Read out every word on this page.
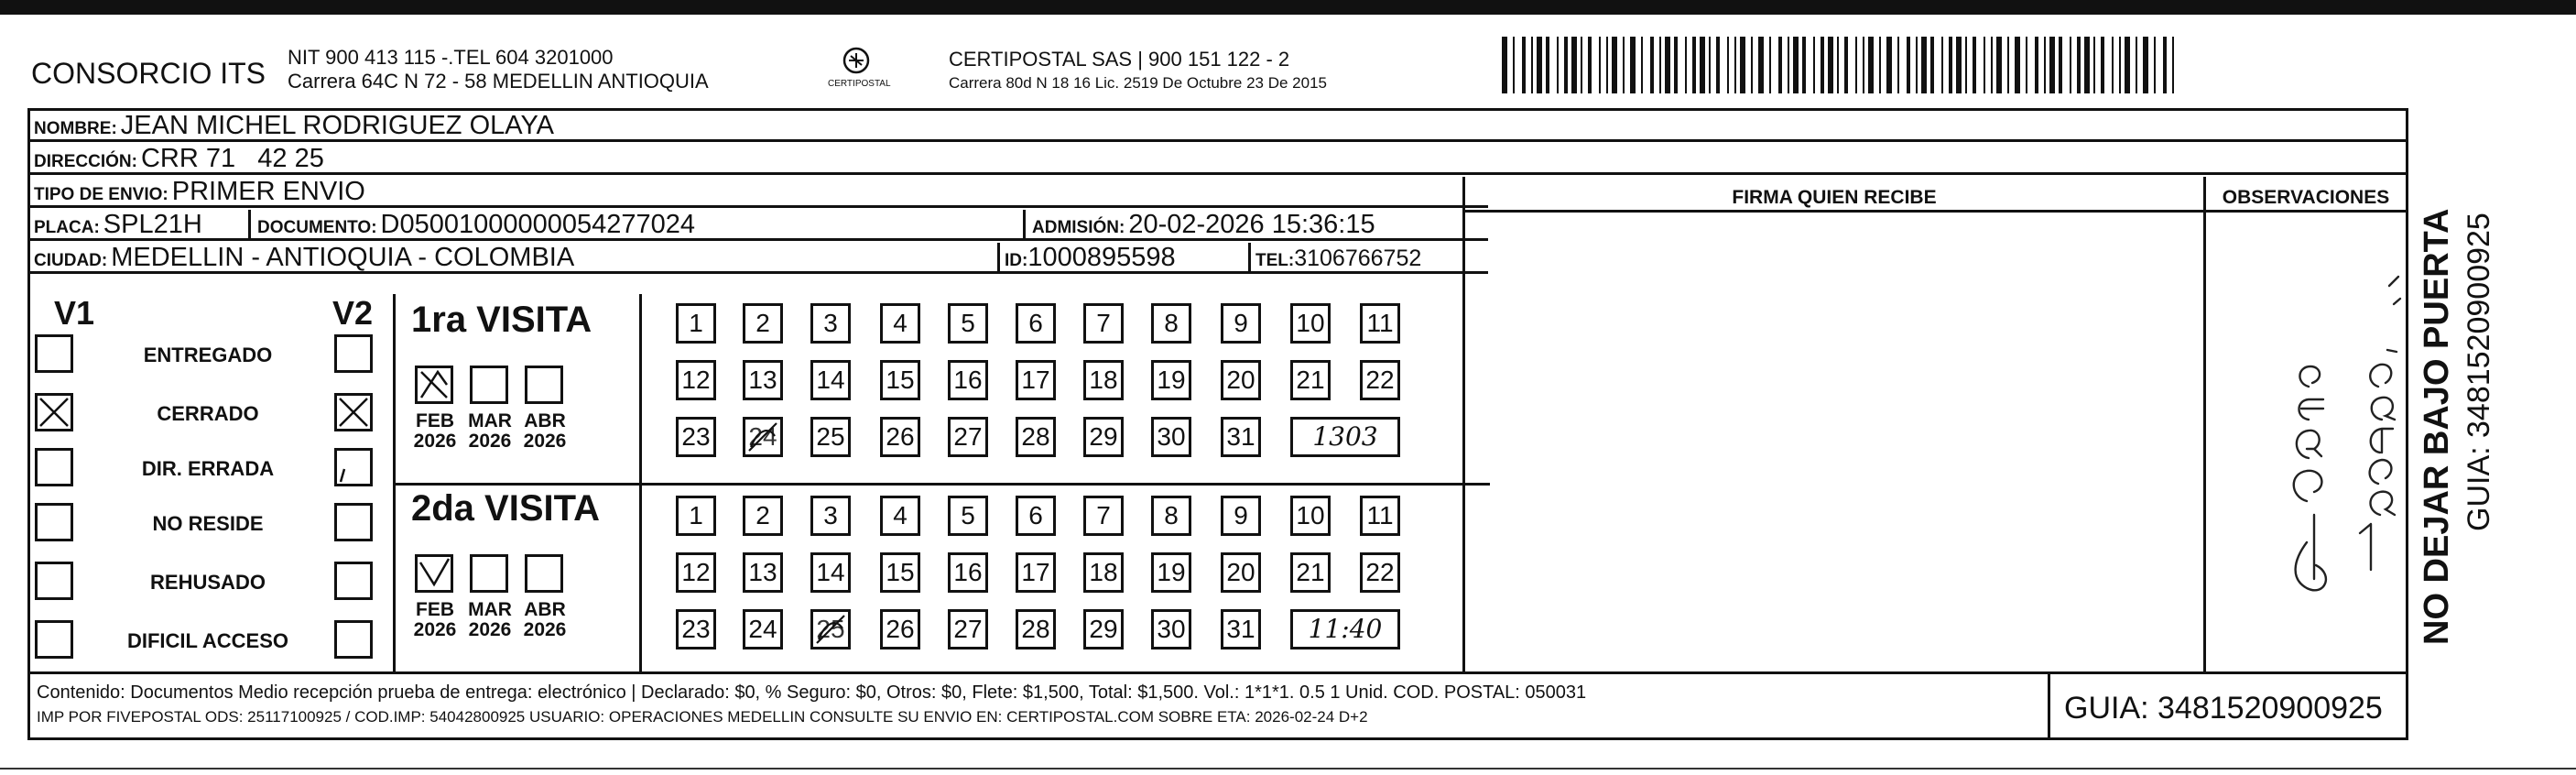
CONSORCIO ITS NIT 900 413 115 -.TEL 604 3201000
Carrera 64C N 72 - 58 MEDELLIN ANTIOQUIA	CERTIPOSTAL
CERTIPOSTAL SAS | 900 151 122 - 2
Carrera 80d N 18 16 Lic. 2519 De Octubre 23 De 2015
NOMBRE: JEAN MICHEL RODRIGUEZ OLAYA
DIRECCIÓN: CRR 71   42 25
TIPO DE ENVIO: PRIMER ENVIO
PLACA: SPL21H	DOCUMENTO: D05001000000054277024	ADMISIÓN: 20-02-2026 15:36:15
CIUDAD: MEDELLIN - ANTIOQUIA - COLOMBIA	ID:1000895598	TEL:3106766752
FIRMA QUIEN RECIBE	OBSERVACIONES
V1	V2
ENTREGADO
CERRADO
DIR. ERRADA
NO RESIDE
REHUSADO
DIFICIL ACCESO
1ra VISITA
2da VISITA
FEB
2026
MAR
2026
ABR
2026
FEB
2026
MAR
2026
ABR
2026
1	2	3	4	5	6	7	8	9	10 11
12 13 14 15 16 17 18 19 20 21 22
23 24 25 26 27 28 29 30 31	1303
1	2	3	4	5	6	7	8	9	10 11
12 13 14 15 16 17 18 19 20 21 22
23 24 25 26 27 28 29 30 31	11:40
Contenido: Documentos Medio recepción prueba de entrega: electrónico | Declarado: $0, % Seguro: $0, Otros: $0, Flete: $1,500, Total: $1,500. Vol.: 1*1*1. 0.5 1 Unid. COD. POSTAL: 050031
IMP POR FIVEPOSTAL ODS: 25117100925 / COD.IMP: 54042800925 USUARIO: OPERACIONES MEDELLIN CONSULTE SU ENVIO EN: CERTIPOSTAL.COM SOBRE ETA: 2026-02-24 D+2	GUIA: 3481520900925
NO DEJAR BAJO PUERTA GUIA: 3481520900925
